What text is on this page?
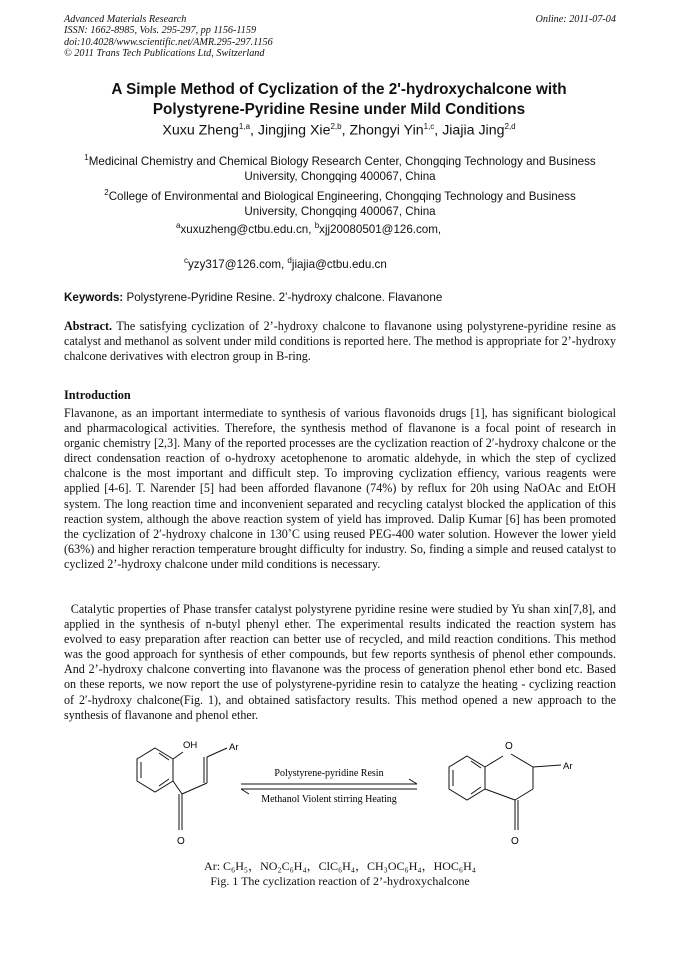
Advanced Materials Research
ISSN: 1662-8985, Vols. 295-297, pp 1156-1159
doi:10.4028/www.scientific.net/AMR.295-297.1156
© 2011 Trans Tech Publications Ltd, Switzerland
Online: 2011-07-04
A Simple Method of Cyclization of the 2'-hydroxychalcone with
Polystyrene-Pyridine Resine under Mild Conditions
Xuxu Zheng$^{1,a}$, Jingjing Xie$^{2,b}$, Zhongyi Yin$^{1,c}$, Jiajia Jing$^{2,d}$
$^1$Medicinal Chemistry and Chemical Biology Research Center, Chongqing Technology and Business
University, Chongqing 400067, China
$^2$College of Environmental and Biological Engineering, Chongqing Technology and Business
University, Chongqing 400067, China
$^a$xuxuzheng@ctbu.edu.cn, $^b$xjj20080501@126.com,
$^c$yzy317@126.com, $^d$jiajia@ctbu.edu.cn
Keywords: Polystyrene-Pyridine Resine. 2’-hydroxy chalcone. Flavanone
Abstract. The satisfying cyclization of 2’-hydroxy chalcone to flavanone using polystyrene-pyridine resine as catalyst and methanol as solvent under mild conditions is reported here. The method is appropriate for 2’-hydroxy chalcone derivatives with electron group in B-ring.
Introduction
Flavanone, as an important intermediate to synthesis of various flavonoids drugs [1], has significant biological and pharmacological activities. Therefore, the synthesis method of flavanone is a focal point of research in organic chemistry [2,3]. Many of the reported processes are the cyclization reaction of 2′-hydroxy chalcone or the direct condensation reaction of o-hydroxy acetophenone to aromatic aldehyde, in which the step of cyclized chalcone is the most important and difficult step. To improving cyclization effiency, various reagents were applied [4-6]. T. Narender [5] had been afforded flavanone (74%) by reflux for 20h using NaOAc and EtOH system. The long reaction time and inconvenient separated and recycling catalyst blocked the application of this reaction system, although the above reaction system of yield has improved. Dalip Kumar [6] has been promoted the cyclization of 2′-hydroxy chalcone in 130˚C using reused PEG-400 water solution. However the lower yield (63%) and higher reraction temperature brought difficulty for industry. So, finding a simple and reused catalyst to cyclized 2’-hydroxy chalcone under mild conditions is necessary.
Catalytic properties of Phase transfer catalyst polystyrene pyridine resine were studied by Yu shan xin[7,8], and applied in the synthesis of n-butyl phenyl ether. The experimental results indicated the reaction system has evolved to easy preparation after reaction can better use of recycled, and mild reaction conditions. This method was the good approach for synthesis of ether compounds, but few reports synthesis of phenol ether compounds. And 2’-hydroxy chalcone converting into flavanone was the process of generation phenol ether bond etc. Based on these reports, we now report the use of polystyrene-pyridine resin to catalyze the heating - cyclizing reaction of 2′-hydroxy chalcone(Fig. 1), and obtained satisfactory results. This method opened a new approach to the synthesis of flavanone and phenol ether.
OH	Ar
O
Polystyrene-pyridine Resin
Methanol Violent stirring Heating
O
Ar
O
Ar: C₆H₅，NO₂C₆H₄，ClC₆H₄，CH₃OC₆H₄，HOC₆H₄
Fig. 1 The cyclization reaction of 2’-hydroxychalcone
